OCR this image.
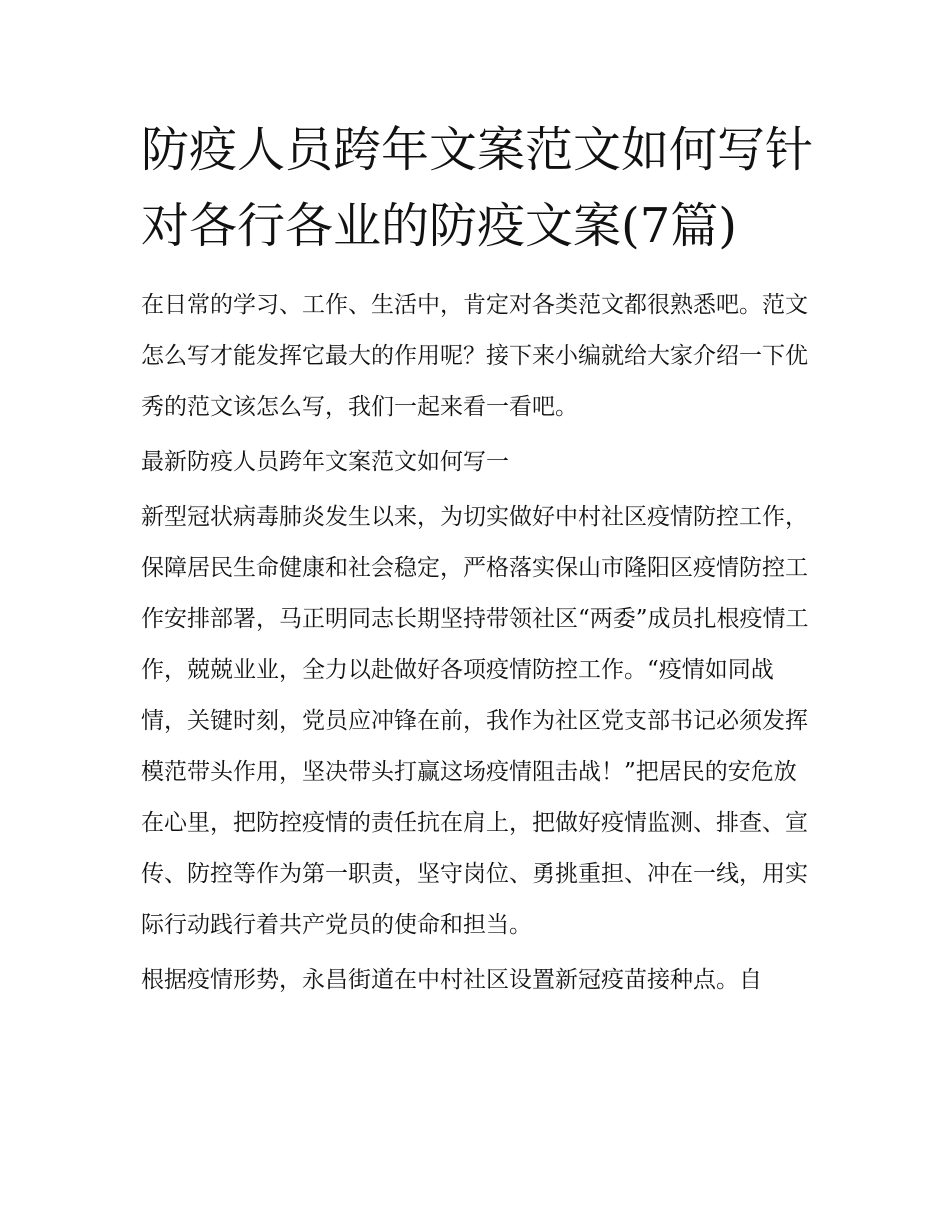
防疫人员跨年文案范文如何写针对各行各业的防疫文案(7篇)

在日常的学习、工作、生活中，肯定对各类范文都很熟悉吧。范文怎么写才能发挥它最大的作用呢？接下来小编就给大家介绍一下优秀的范文该怎么写，我们一起来看一看吧。

最新防疫人员跨年文案范文如何写一

新型冠状病毒肺炎发生以来，为切实做好中村社区疫情防控工作，保障居民生命健康和社会稳定，严格落实保山市隆阳区疫情防控工作安排部署，马正明同志长期坚持带领社区“两委”成员扎根疫情工作，兢兢业业，全力以赴做好各项疫情防控工作。“疫情如同战情，关键时刻，党员应冲锋在前，我作为社区党支部书记必须发挥模范带头作用，坚决带头打赢这场疫情阻击战！”把居民的安危放在心里，把防控疫情的责任抗在肩上，把做好疫情监测、排查、宣传、防控等作为第一职责，坚守岗位、勇挑重担、冲在一线，用实际行动践行着共产党员的使命和担当。

根据疫情形势，永昌街道在中村社区设置新冠疫苗接种点。自
